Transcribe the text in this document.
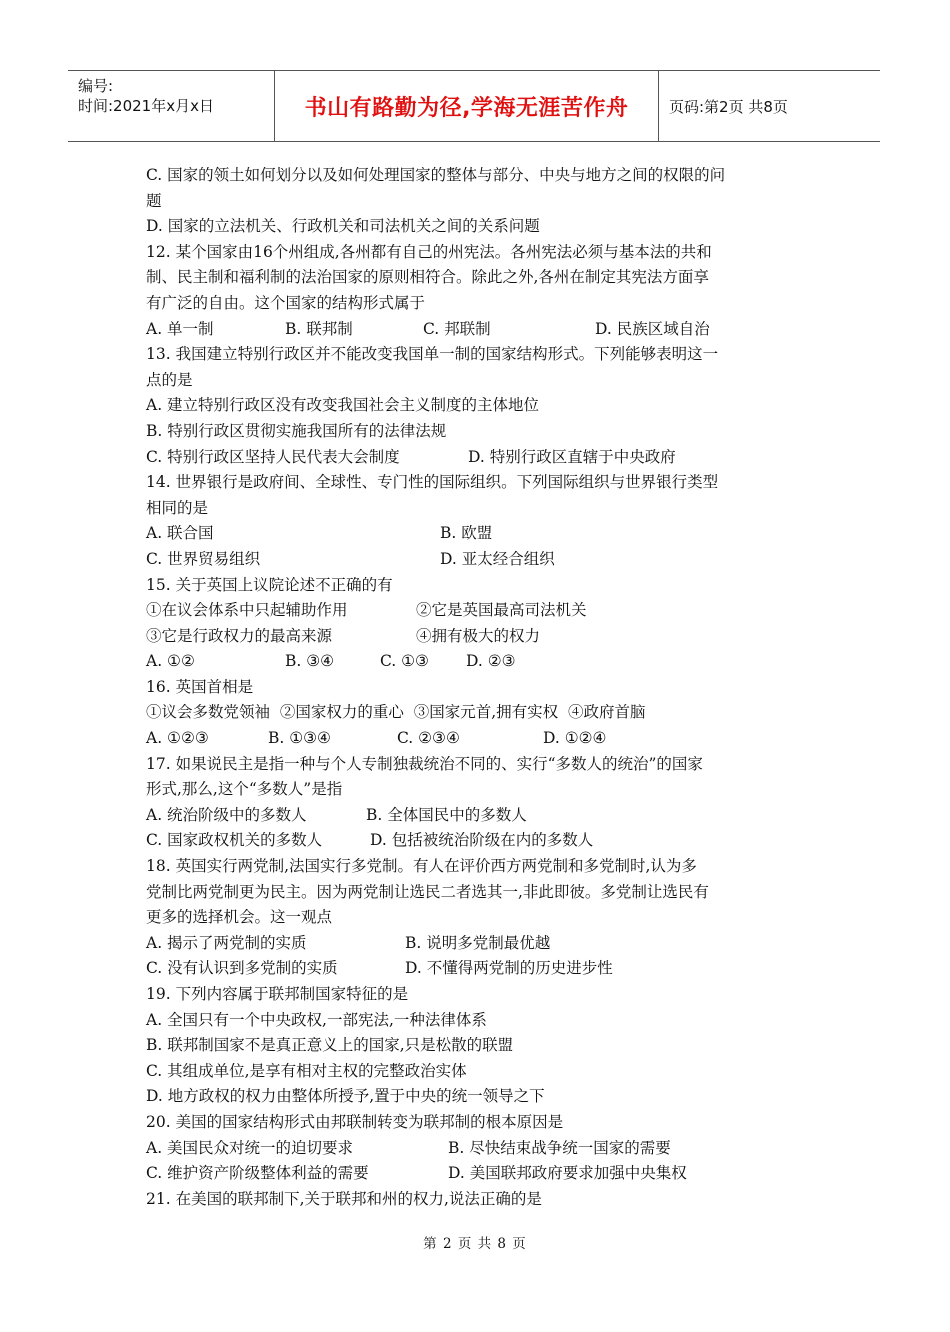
编号:
时间:2021年x月x日	书山有路勤为径,学海无涯苦作舟	页码:第2页 共8页
C. 国家的领土如何划分以及如何处理国家的整体与部分、中央与地方之间的权限的问
题
D. 国家的立法机关、行政机关和司法机关之间的关系问题
12. 某个国家由16个州组成,各州都有自己的州宪法。各州宪法必须与基本法的共和
制、民主制和福利制的法治国家的原则相符合。除此之外,各州在制定其宪法方面享
有广泛的自由。这个国家的结构形式属于
A. 单一制	B. 联邦制	C. 邦联制	D. 民族区域自治
13. 我国建立特别行政区并不能改变我国单一制的国家结构形式。下列能够表明这一
点的是
A. 建立特别行政区没有改变我国社会主义制度的主体地位
B. 特别行政区贯彻实施我国所有的法律法规
C. 特别行政区坚持人民代表大会制度	D. 特别行政区直辖于中央政府
14. 世界银行是政府间、全球性、专门性的国际组织。下列国际组织与世界银行类型
相同的是
A. 联合国	B. 欧盟
C. 世界贸易组织	D. 亚太经合组织
15. 关于英国上议院论述不正确的有
①在议会体系中只起辅助作用	②它是英国最高司法机关
③它是行政权力的最高来源	④拥有极大的权力
A. ①②	B. ③④	C. ①③ D. ②③
16. 英国首相是
①议会多数党领袖  ②国家权力的重心  ③国家元首,拥有实权  ④政府首脑
A. ①②③	B. ①③④	C. ②③④	D. ①②④
17. 如果说民主是指一种与个人专制独裁统治不同的、实行“多数人的统治”的国家
形式,那么,这个“多数人”是指
A. 统治阶级中的多数人	B. 全体国民中的多数人
C. 国家政权机关的多数人	D. 包括被统治阶级在内的多数人
18. 英国实行两党制,法国实行多党制。有人在评价西方两党制和多党制时,认为多
党制比两党制更为民主。因为两党制让选民二者选其一,非此即彼。多党制让选民有
更多的选择机会。这一观点
A. 揭示了两党制的实质	B. 说明多党制最优越
C. 没有认识到多党制的实质	D. 不懂得两党制的历史进步性
19. 下列内容属于联邦制国家特征的是
A. 全国只有一个中央政权,一部宪法,一种法律体系
B. 联邦制国家不是真正意义上的国家,只是松散的联盟
C. 其组成单位,是享有相对主权的完整政治实体
D. 地方政权的权力由整体所授予,置于中央的统一领导之下
20. 美国的国家结构形式由邦联制转变为联邦制的根本原因是
A. 美国民众对统一的迫切要求	B. 尽快结束战争统一国家的需要
C. 维护资产阶级整体利益的需要	D. 美国联邦政府要求加强中央集权
21. 在美国的联邦制下,关于联邦和州的权力,说法正确的是
第 2 页 共 8 页
